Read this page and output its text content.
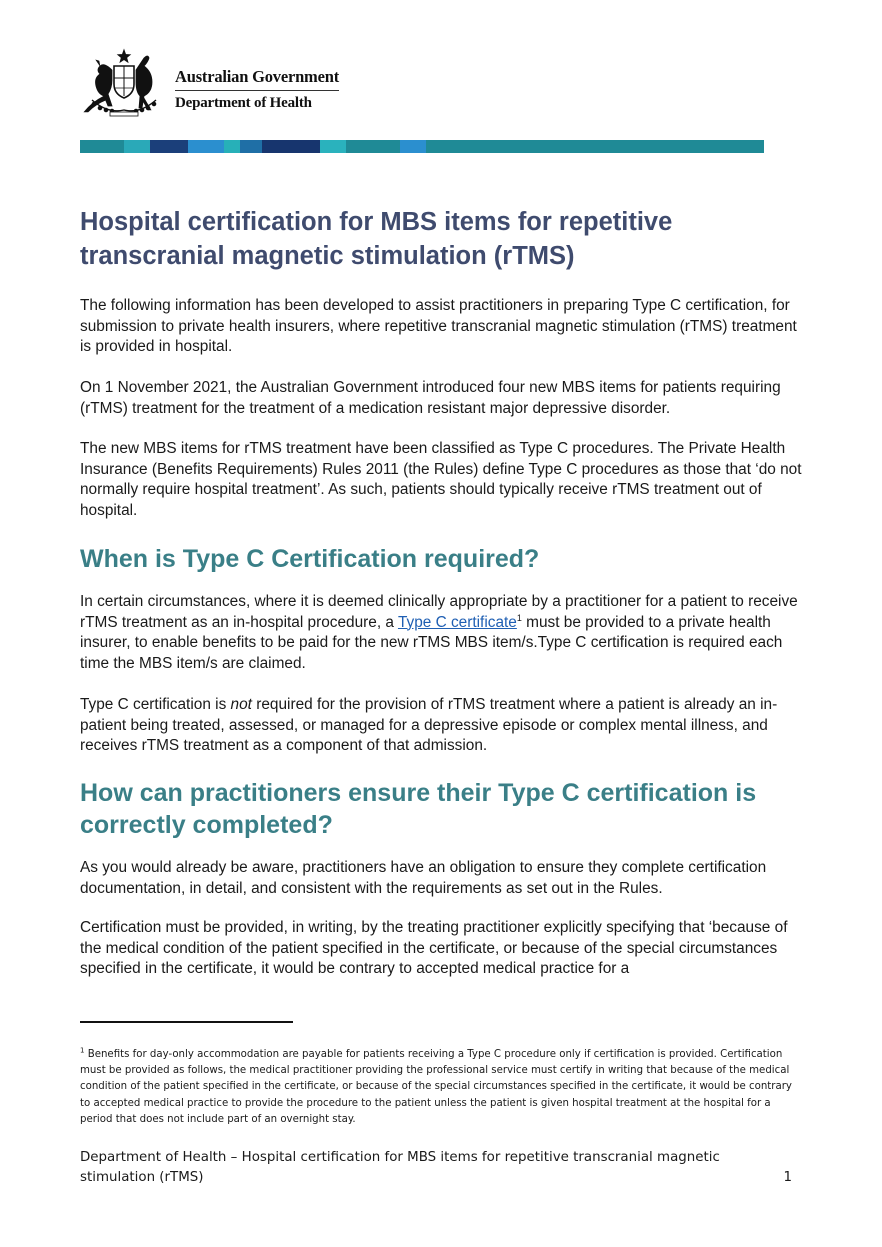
Australian Government
Department of Health
Hospital certification for MBS items for repetitive transcranial magnetic stimulation (rTMS)

The following information has been developed to assist practitioners in preparing Type C certification, for submission to private health insurers, where repetitive transcranial magnetic stimulation (rTMS) treatment is provided in hospital.

On 1 November 2021, the Australian Government introduced four new MBS items for patients requiring (rTMS) treatment for the treatment of a medication resistant major depressive disorder.

The new MBS items for rTMS treatment have been classified as Type C procedures. The Private Health Insurance (Benefits Requirements) Rules 2011 (the Rules) define Type C procedures as those that ‘do not normally require hospital treatment’. As such, patients should typically receive rTMS treatment out of hospital.

When is Type C Certification required?

In certain circumstances, where it is deemed clinically appropriate by a practitioner for a patient to receive rTMS treatment as an in-hospital procedure, a Type C certificate$^1$ must be provided to a private health insurer, to enable benefits to be paid for the new rTMS MBS item/s.Type C certification is required each time the MBS item/s are claimed.

Type C certification is not required for the provision of rTMS treatment where a patient is already an in-patient being treated, assessed, or managed for a depressive episode or complex mental illness, and receives rTMS treatment as a component of that admission.

How can practitioners ensure their Type C certification is correctly completed?

As you would already be aware, practitioners have an obligation to ensure they complete certification documentation, in detail, and consistent with the requirements as set out in the Rules.

Certification must be provided, in writing, by the treating practitioner explicitly specifying that ‘because of the medical condition of the patient specified in the certificate, or because of the special circumstances specified in the certificate, it would be contrary to accepted medical practice for a

$^1$ Benefits for day-only accommodation are payable for patients receiving a Type C procedure only if certification is provided. Certification must be provided as follows, the medical practitioner providing the professional service must certify in writing that because of the medical condition of the patient specified in the certificate, or because of the special circumstances specified in the certificate, it would be contrary to accepted medical practice to provide the procedure to the patient unless the patient is given hospital treatment at the hospital for a period that does not include part of an overnight stay.

Department of Health – Hospital certification for MBS items for repetitive transcranial magnetic stimulation (rTMS)	1
